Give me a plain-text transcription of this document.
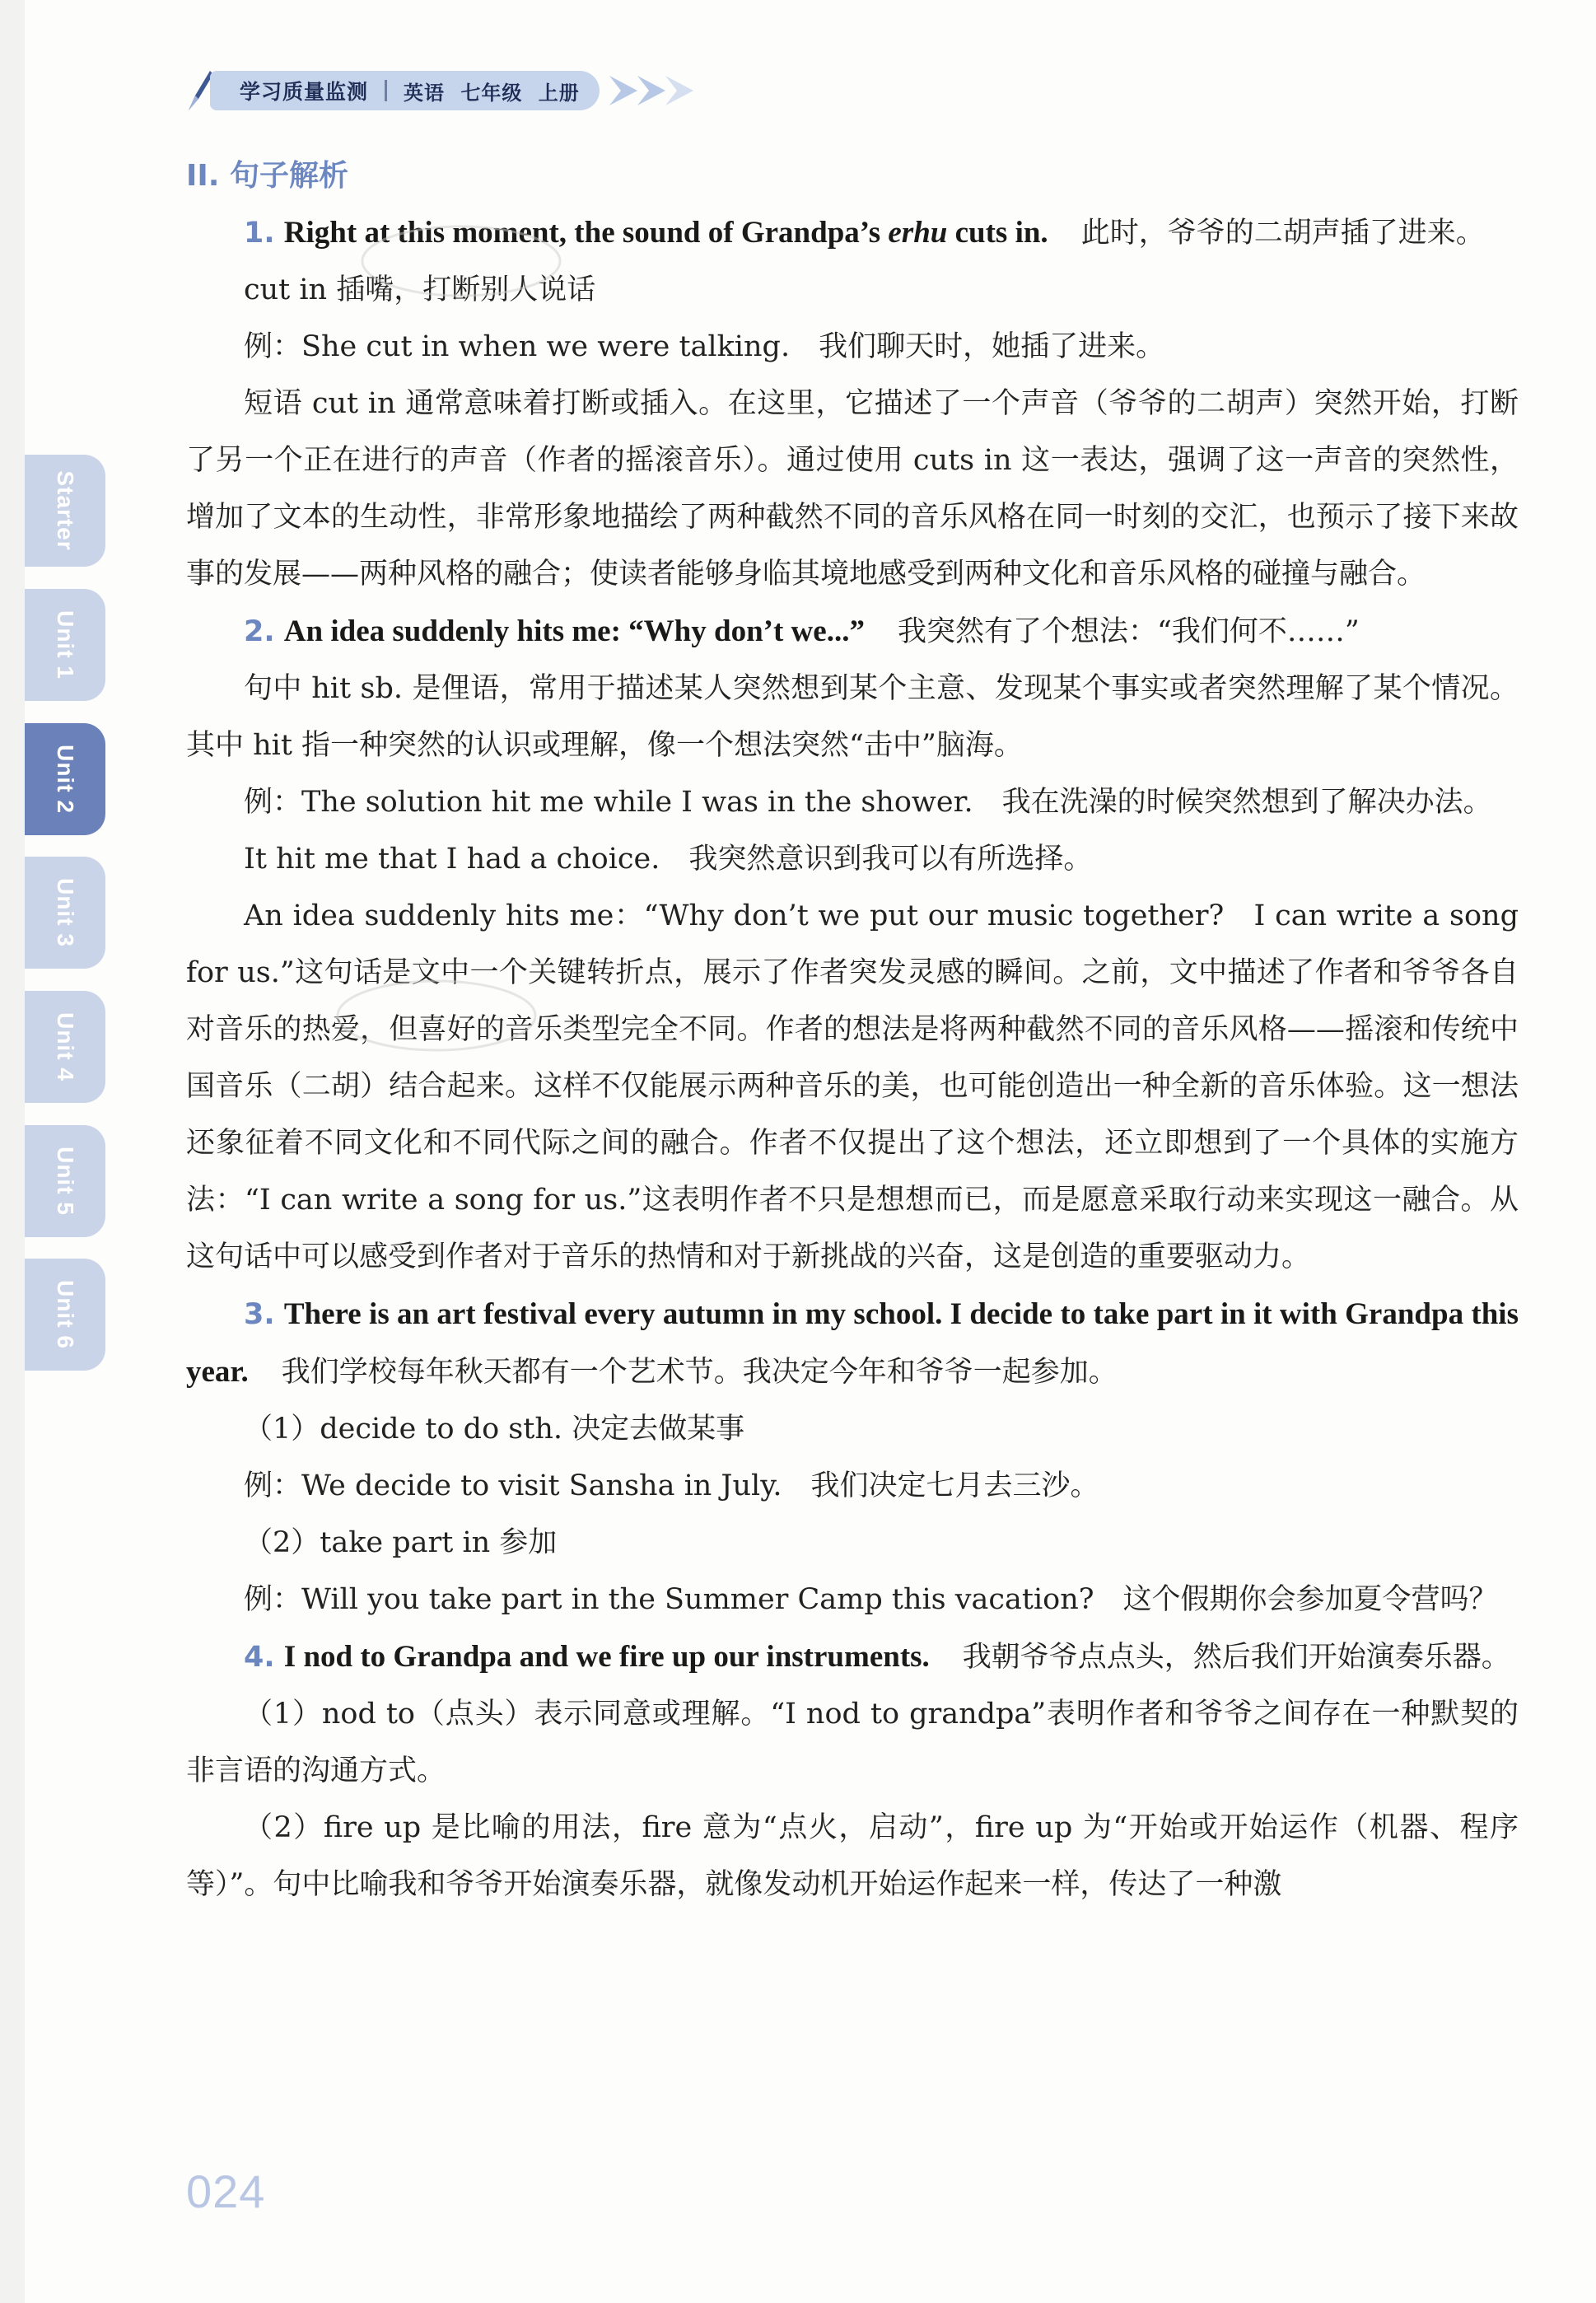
学习质量监测 英语 七年级 上册
Starter
Unit 1
Unit 2
Unit 3
Unit 4
Unit 5
Unit 6
II. 句子解析

1. Right at this moment, the sound of Grandpa’s erhu cuts in. 此时，爷爷的二胡声插了进来。

cut in 插嘴，打断别人说话

例：She cut in when we were talking.　我们聊天时，她插了进来。

短语 cut in 通常意味着打断或插入。在这里，它描述了一个声音（爷爷的二胡声）突然开始，打断了另一个正在进行的声音（作者的摇滚音乐）。通过使用 cuts in 这一表达，强调了这一声音的突然性，增加了文本的生动性，非常形象地描绘了两种截然不同的音乐风格在同一时刻的交汇，也预示了接下来故事的发展——两种风格的融合；使读者能够身临其境地感受到两种文化和音乐风格的碰撞与融合。

2. An idea suddenly hits me: “Why don’t we...” 我突然有了个想法：“我们何不……”

句中 hit sb. 是俚语，常用于描述某人突然想到某个主意、发现某个事实或者突然理解了某个情况。其中 hit 指一种突然的认识或理解，像一个想法突然“击中”脑海。

例：The solution hit me while I was in the shower.　我在洗澡的时候突然想到了解决办法。

It hit me that I had a choice.　我突然意识到我可以有所选择。

An idea suddenly hits me：“Why don’t we put our music together?　I can write a song for us.”这句话是文中一个关键转折点，展示了作者突发灵感的瞬间。之前，文中描述了作者和爷爷各自对音乐的热爱，但喜好的音乐类型完全不同。作者的想法是将两种截然不同的音乐风格——摇滚和传统中国音乐（二胡）结合起来。这样不仅能展示两种音乐的美，也可能创造出一种全新的音乐体验。这一想法还象征着不同文化和不同代际之间的融合。作者不仅提出了这个想法，还立即想到了一个具体的实施方法：“I can write a song for us.”这表明作者不只是想想而已，而是愿意采取行动来实现这一融合。从这句话中可以感受到作者对于音乐的热情和对于新挑战的兴奋，这是创造的重要驱动力。

3. There is an art festival every autumn in my school. I decide to take part in it with Grandpa this year. 我们学校每年秋天都有一个艺术节。我决定今年和爷爷一起参加。

（1）decide to do sth. 决定去做某事

例：We decide to visit Sansha in July.　我们决定七月去三沙。

（2）take part in 参加

例：Will you take part in the Summer Camp this vacation?　这个假期你会参加夏令营吗？

4. I nod to Grandpa and we fire up our instruments. 我朝爷爷点点头，然后我们开始演奏乐器。

（1）nod to（点头）表示同意或理解。“I nod to grandpa”表明作者和爷爷之间存在一种默契的非言语的沟通方式。

（2）fire up 是比喻的用法，fire 意为“点火，启动”，fire up 为“开始或开始运作（机器、程序等）”。句中比喻我和爷爷开始演奏乐器，就像发动机开始运作起来一样，传达了一种激

024
